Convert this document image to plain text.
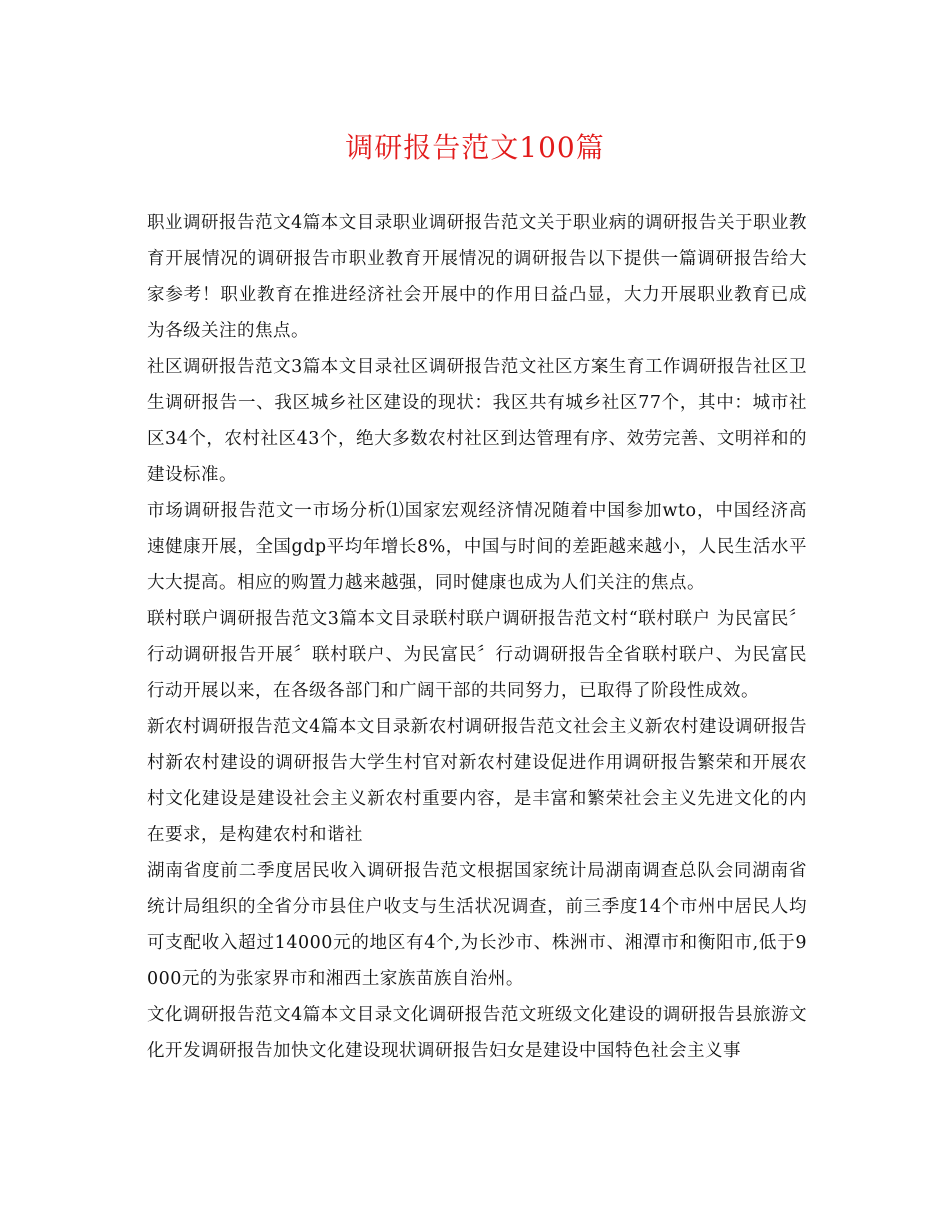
调研报告范文100篇

职业调研报告范文4篇本文目录职业调研报告范文关于职业病的调研报告关于职业教育开展情况的调研报告市职业教育开展情况的调研报告以下提供一篇调研报告给大家参考！职业教育在推进经济社会开展中的作用日益凸显，大力开展职业教育已成为各级关注的焦点。

社区调研报告范文3篇本文目录社区调研报告范文社区方案生育工作调研报告社区卫生调研报告一、我区城乡社区建设的现状：我区共有城乡社区77个，其中：城市社区34个，农村社区43个，绝大多数农村社区到达管理有序、效劳完善、文明祥和的建设标准。

市场调研报告范文一市场分析⑴国家宏观经济情况随着中国参加wto，中国经济高速健康开展，全国gdp平均年增长8%，中国与时间的差距越来越小，人民生活水平大大提高。相应的购置力越来越强，同时健康也成为人们关注的焦点。

联村联户调研报告范文3篇本文目录联村联户调研报告范文村“联村联户 为民富民〞行动调研报告开展〞联村联户、为民富民〞行动调研报告全省联村联户、为民富民行动开展以来，在各级各部门和广阔干部的共同努力，已取得了阶段性成效。

新农村调研报告范文4篇本文目录新农村调研报告范文社会主义新农村建设调研报告村新农村建设的调研报告大学生村官对新农村建设促进作用调研报告繁荣和开展农村文化建设是建设社会主义新农村重要内容，是丰富和繁荣社会主义先进文化的内在要求，是构建农村和谐社

湖南省度前二季度居民收入调研报告范文根据国家统计局湖南调查总队会同湖南省统计局组织的全省分市县住户收支与生活状况调查，前三季度14个市州中居民人均可支配收入超过14000元的地区有4个,为长沙市、株洲市、湘潭市和衡阳市,低于9000元的为张家界市和湘西土家族苗族自治州。

文化调研报告范文4篇本文目录文化调研报告范文班级文化建设的调研报告县旅游文化开发调研报告加快文化建设现状调研报告妇女是建设中国特色社会主义事
